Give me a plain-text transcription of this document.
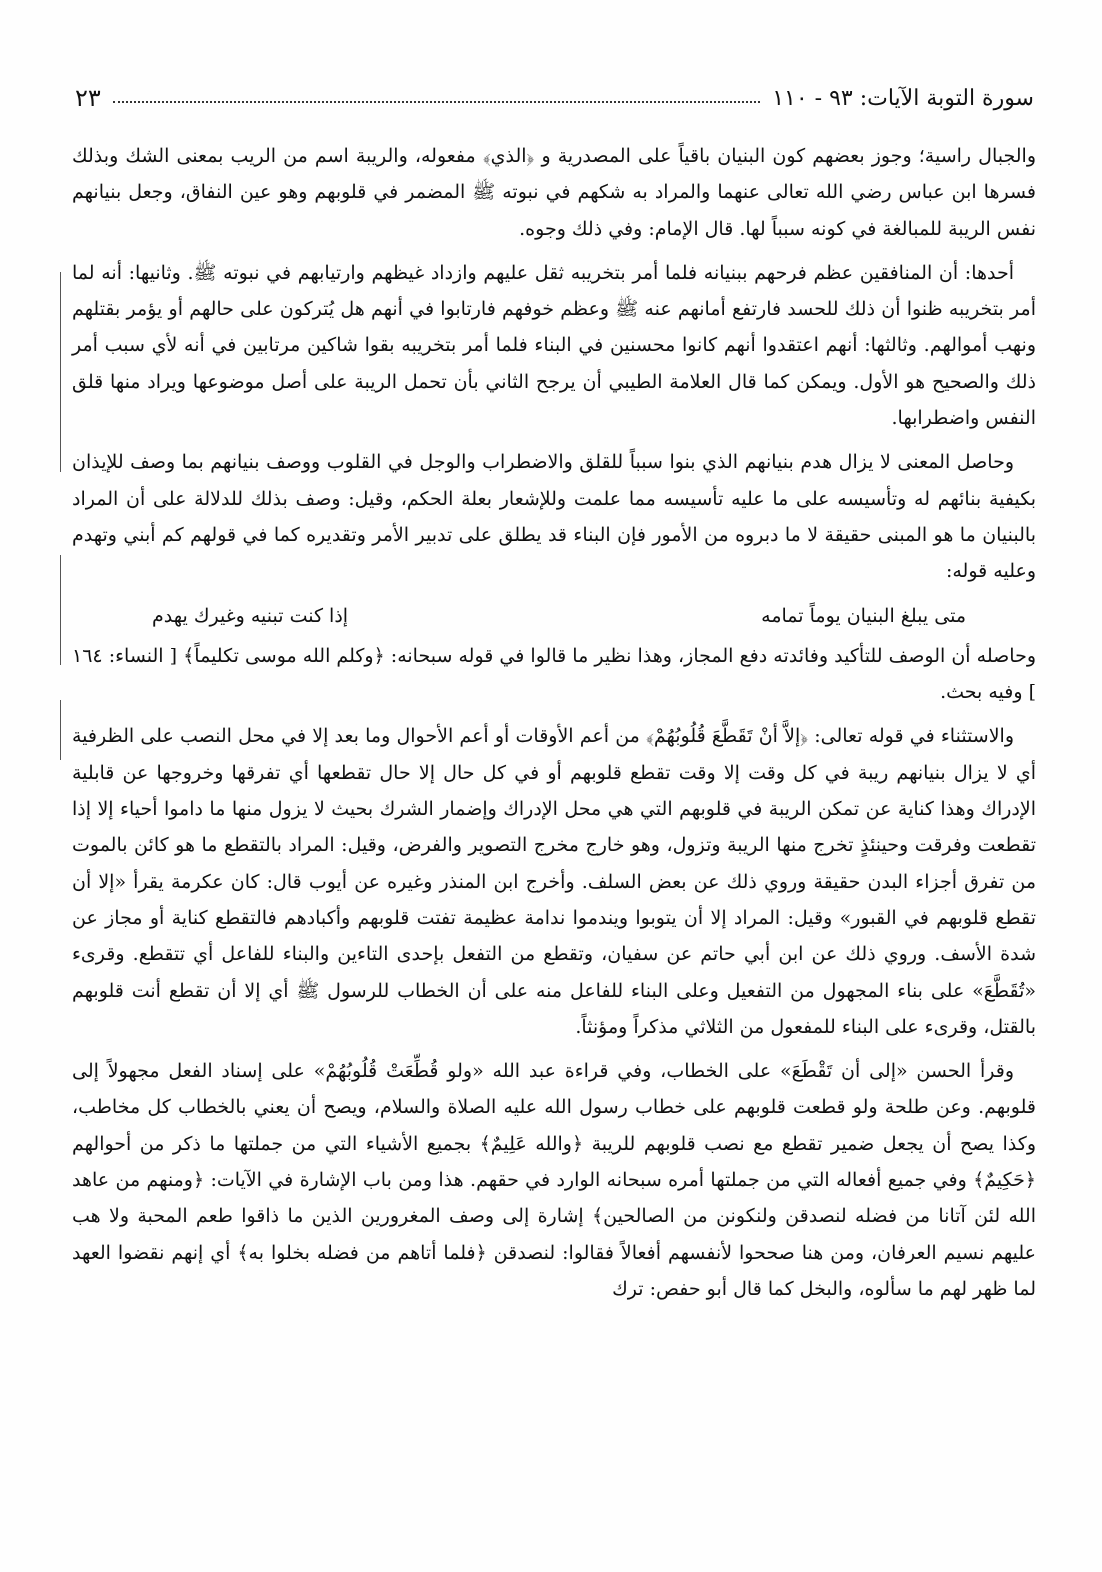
سورة التوبة الآيات: ٩٣ - ١١٠
٢٣

والجبال راسية؛ وجوز بعضهم كون البنيان باقياً على المصدرية و ﴿الذي﴾ مفعوله، والريبة اسم من الريب بمعنى الشك وبذلك فسرها ابن عباس رضي الله تعالى عنهما والمراد به شكهم في نبوته ﷺ المضمر في قلوبهم وهو عين النفاق، وجعل بنيانهم نفس الريبة للمبالغة في كونه سبباً لها. قال الإمام: وفي ذلك وجوه.

أحدها: أن المنافقين عظم فرحهم ببنيانه فلما أمر بتخريبه ثقل عليهم وازداد غيظهم وارتيابهم في نبوته ﷺ. وثانيها: أنه لما أمر بتخريبه ظنوا أن ذلك للحسد فارتفع أمانهم عنه ﷺ وعظم خوفهم فارتابوا في أنهم هل يُتركون على حالهم أو يؤمر بقتلهم ونهب أموالهم. وثالثها: أنهم اعتقدوا أنهم كانوا محسنين في البناء فلما أمر بتخريبه بقوا شاكين مرتابين في أنه لأي سبب أمر ذلك والصحيح هو الأول. ويمكن كما قال العلامة الطيبي أن يرجح الثاني بأن تحمل الريبة على أصل موضوعها ويراد منها قلق النفس واضطرابها.

وحاصل المعنى لا يزال هدم بنيانهم الذي بنوا سبباً للقلق والاضطراب والوجل في القلوب ووصف بنيانهم بما وصف للإيذان بكيفية بنائهم له وتأسيسه على ما عليه تأسيسه مما علمت وللإشعار بعلة الحكم، وقيل: وصف بذلك للدلالة على أن المراد بالبنيان ما هو المبنى حقيقة لا ما دبروه من الأمور فإن البناء قد يطلق على تدبير الأمر وتقديره كما في قولهم كم أبني وتهدم وعليه قوله:

متى يبلغ البنيان يوماً تمامه
إذا كنت تبنيه وغيرك يهدم

وحاصله أن الوصف للتأكيد وفائدته دفع المجاز، وهذا نظير ما قالوا في قوله سبحانه: ﴿وكلم الله موسى تكليماً﴾ [ النساء: ١٦٤ ] وفيه بحث.

والاستثناء في قوله تعالى: ﴿إلاَّ أنْ تَقَطَّعَ قُلُوبُهُمْ﴾ من أعم الأوقات أو أعم الأحوال وما بعد إلا في محل النصب على الظرفية أي لا يزال بنيانهم ريبة في كل وقت إلا وقت تقطع قلوبهم أو في كل حال إلا حال تقطعها أي تفرقها وخروجها عن قابلية الإدراك وهذا كناية عن تمكن الريبة في قلوبهم التي هي محل الإدراك وإضمار الشرك بحيث لا يزول منها ما داموا أحياء إلا إذا تقطعت وفرقت وحينئذٍ تخرج منها الريبة وتزول، وهو خارج مخرج التصوير والفرض، وقيل: المراد بالتقطع ما هو كائن بالموت من تفرق أجزاء البدن حقيقة وروي ذلك عن بعض السلف. وأخرج ابن المنذر وغيره عن أيوب قال: كان عكرمة يقرأ «إلا أن تقطع قلوبهم في القبور» وقيل: المراد إلا أن يتوبوا ويندموا ندامة عظيمة تفتت قلوبهم وأكبادهم فالتقطع كناية أو مجاز عن شدة الأسف. وروي ذلك عن ابن أبي حاتم عن سفيان، وتقطع من التفعل بإحدى التاءين والبناء للفاعل أي تتقطع. وقرىء «تُقَطَّعَ» على بناء المجهول من التفعيل وعلى البناء للفاعل منه على أن الخطاب للرسول ﷺ أي إلا أن تقطع أنت قلوبهم بالقتل، وقرىء على البناء للمفعول من الثلاثي مذكراً ومؤنثاً.

وقرأ الحسن «إلى أن تَقْطَعَ» على الخطاب، وفي قراءة عبد الله «ولو قُطِّعَتْ قُلُوبُهُمْ» على إسناد الفعل مجهولاً إلى قلوبهم. وعن طلحة ولو قطعت قلوبهم على خطاب رسول الله عليه الصلاة والسلام، ويصح أن يعني بالخطاب كل مخاطب، وكذا يصح أن يجعل ضمير تقطع مع نصب قلوبهم للريبة ﴿والله عَلِيمٌ﴾ بجميع الأشياء التي من جملتها ما ذكر من أحوالهم ﴿حَكِيمٌ﴾ وفي جميع أفعاله التي من جملتها أمره سبحانه الوارد في حقهم. هذا ومن باب الإشارة في الآيات: ﴿ومنهم من عاهد الله لئن آتانا من فضله لنصدقن ولنكونن من الصالحين﴾ إشارة إلى وصف المغرورين الذين ما ذاقوا طعم المحبة ولا هب عليهم نسيم العرفان، ومن هنا صححوا لأنفسهم أفعالاً فقالوا: لنصدقن ﴿فلما أتاهم من فضله بخلوا به﴾ أي إنهم نقضوا العهد لما ظهر لهم ما سألوه، والبخل كما قال أبو حفص: ترك
